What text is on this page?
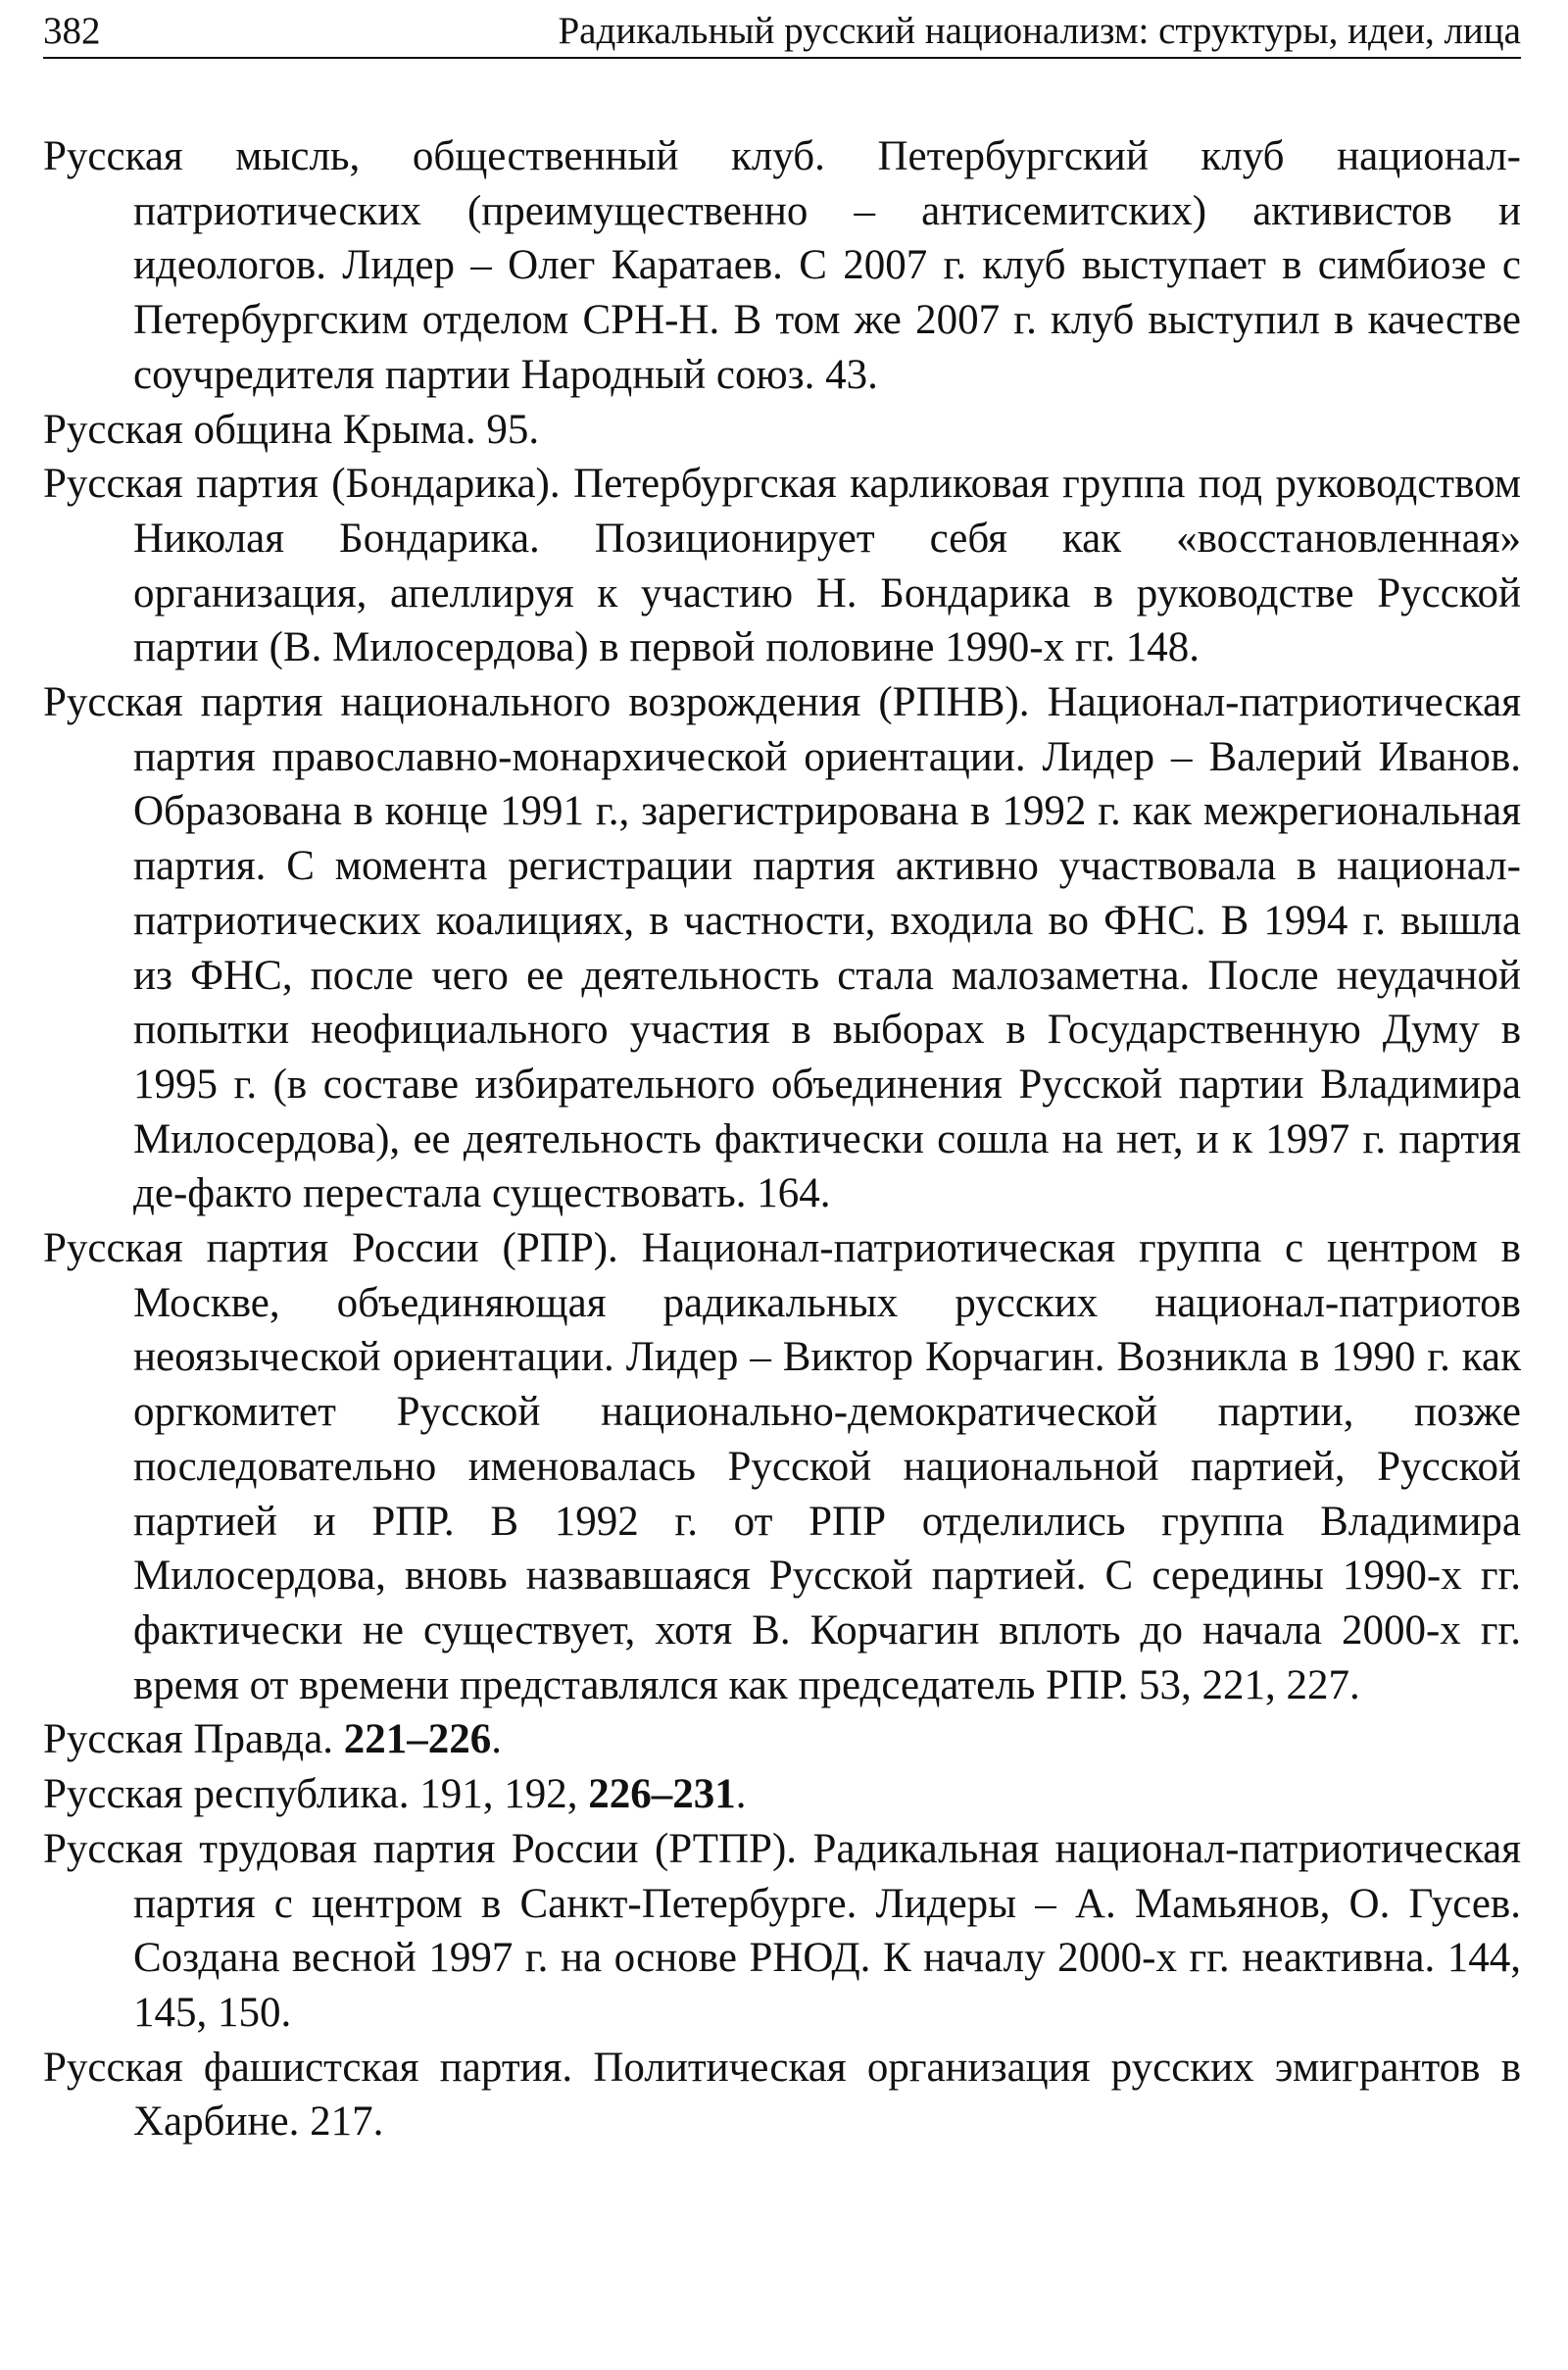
382	Радикальный русский национализм: структуры, идеи, лица

Русская мысль, общественный клуб. Петербургский клуб национал-патриотических (преимущественно – антисемитских) активистов и идеологов. Лидер – Олег Каратаев. С 2007 г. клуб выступает в симбиозе с Петербургским отделом СРН-Н. В том же 2007 г. клуб выступил в качестве соучредителя партии Народный союз. 43.

Русская община Крыма. 95.

Русская партия (Бондарика). Петербургская карликовая группа под руководством Николая Бондарика. Позиционирует себя как «восстановленная» организация, апеллируя к участию Н. Бондарика в руководстве Русской партии (В. Милосердова) в первой половине 1990-х гг. 148.

Русская партия национального возрождения (РПНВ). Национал-патриотическая партия православно-монархической ориентации. Лидер – Валерий Иванов. Образована в конце 1991 г., зарегистрирована в 1992 г. как межрегиональная партия. С момента регистрации партия активно участвовала в национал-патриотических коалициях, в частности, входила во ФНС. В 1994 г. вышла из ФНС, после чего ее деятельность стала малозаметна. После неудачной попытки неофициального участия в выборах в Государственную Думу в 1995 г. (в составе избирательного объединения Русской партии Владимира Милосердова), ее деятельность фактически сошла на нет, и к 1997 г. партия де-факто перестала существовать. 164.

Русская партия России (РПР). Национал-патриотическая группа с центром в Москве, объединяющая радикальных русских национал-патриотов неоязыческой ориентации. Лидер – Виктор Корчагин. Возникла в 1990 г. как оргкомитет Русской национально-демократической партии, позже последовательно именовалась Русской национальной партией, Русской партией и РПР. В 1992 г. от РПР отделились группа Владимира Милосердова, вновь назвавшаяся Русской партией. С середины 1990-х гг. фактически не существует, хотя В. Корчагин вплоть до начала 2000-х гг. время от времени представлялся как председатель РПР. 53, 221, 227.

Русская Правда. 221–226.

Русская республика. 191, 192, 226–231.

Русская трудовая партия России (РТПР). Радикальная национал-патриотическая партия с центром в Санкт-Петербурге. Лидеры – А. Мамьянов, О. Гусев. Создана весной 1997 г. на основе РНОД. К началу 2000-х гг. неактивна. 144, 145, 150.

Русская фашистская партия. Политическая организация русских эмигрантов в Харбине. 217.
